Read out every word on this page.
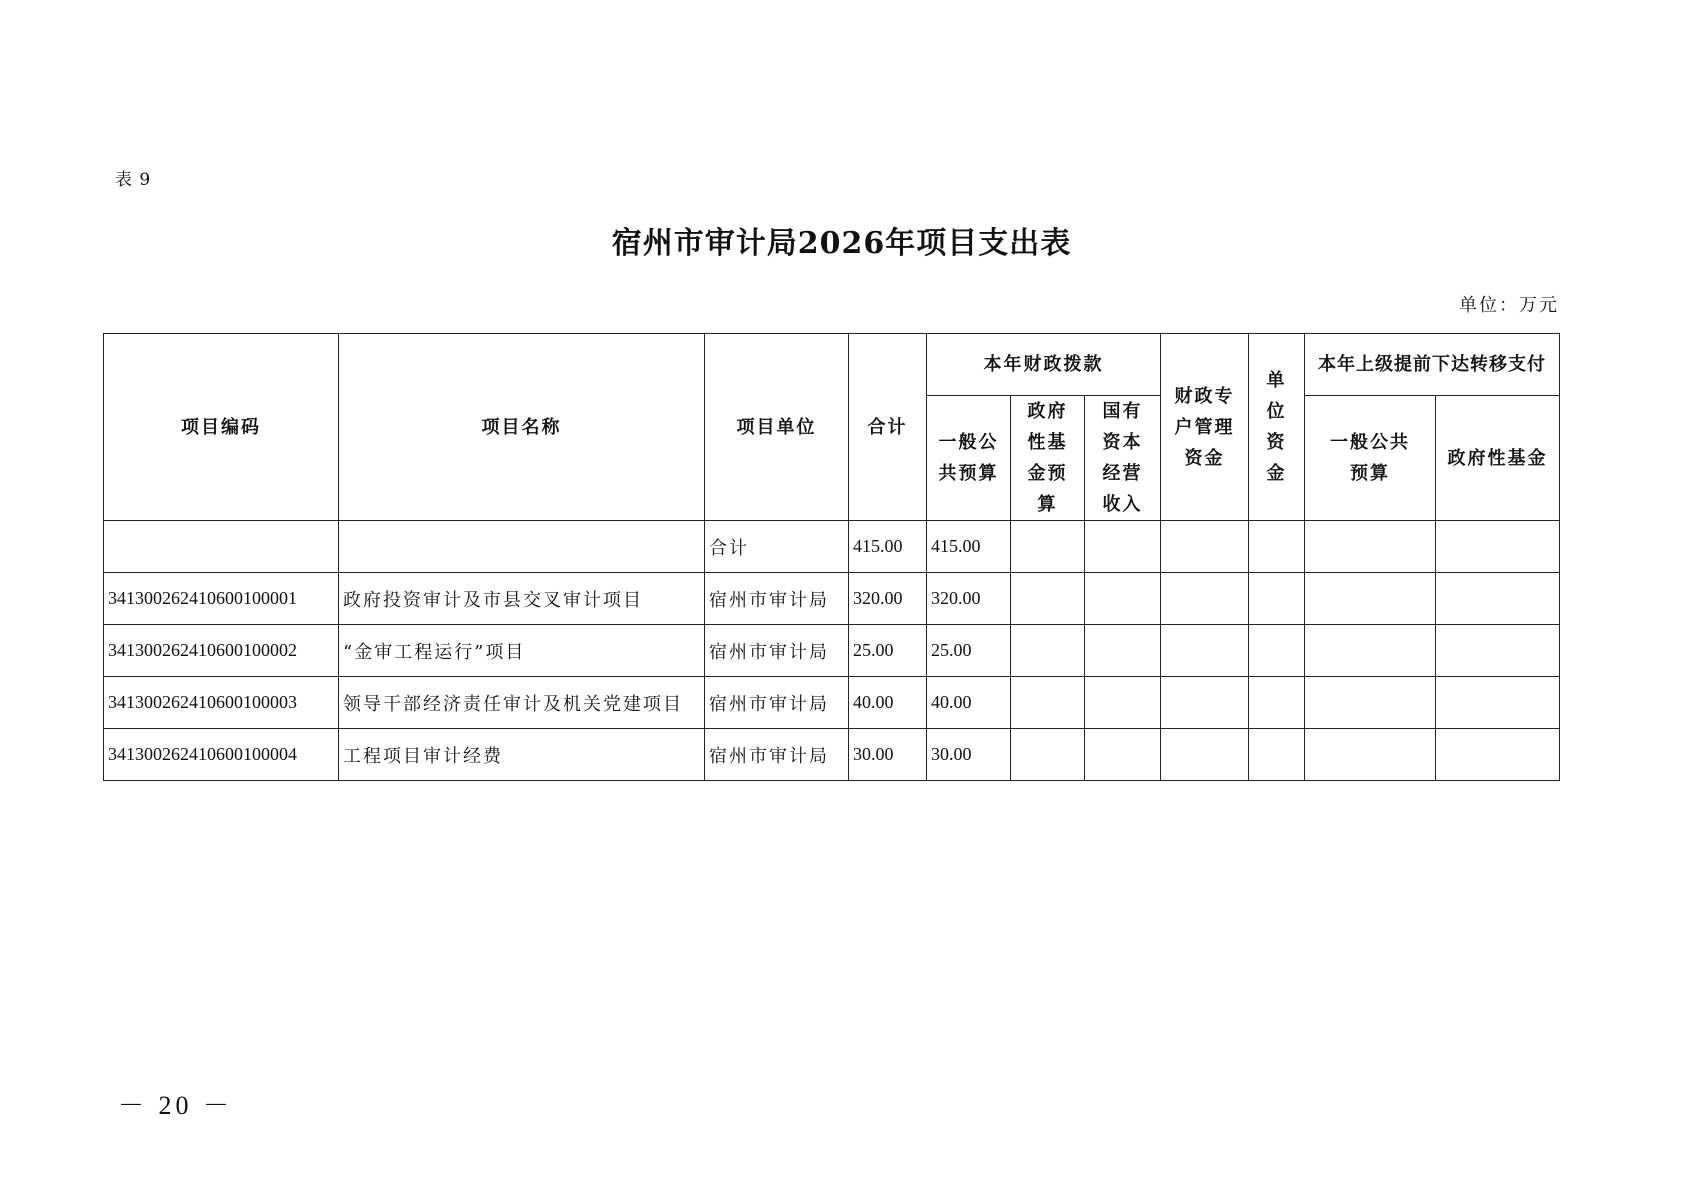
表 9
宿州市审计局2026年项目支出表
单位：万元
项目编码	项目名称	项目单位	合计	本年财政拨款			财政专户管理资金	单位资金	本年上级提前下达转移支付	
				一般公共预算	政府性基金预算	国有资本经营收入			一般公共预算	政府性基金
		合计	415.00	415.00						
341300262410600100001	政府投资审计及市县交叉审计项目	宿州市审计局	320.00	320.00						
341300262410600100002	“金审工程运行”项目	宿州市审计局	25.00	25.00						
341300262410600100003	领导干部经济责任审计及机关党建项目	宿州市审计局	40.00	40.00						
341300262410600100004	工程项目审计经费	宿州市审计局	30.00	30.00						
－ 20 －
